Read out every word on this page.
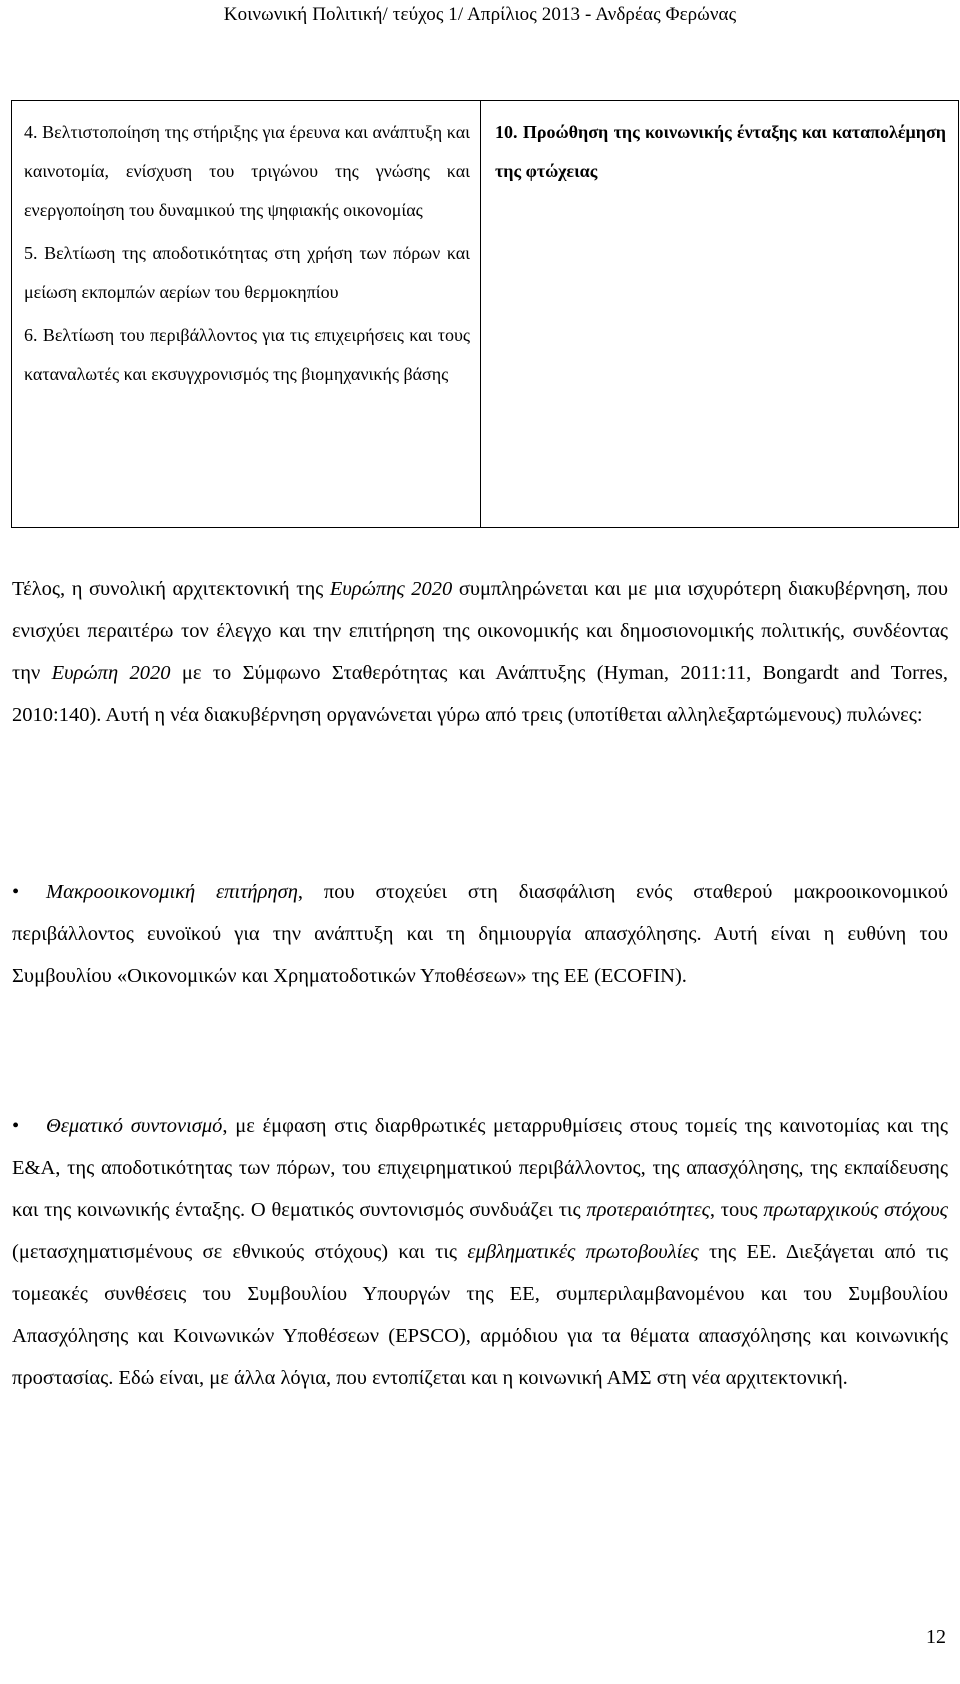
Κοινωνική Πολιτική/ τεύχος 1/ Απρίλιος 2013 - Ανδρέας Φερώνας

4. Βελτιστοποίηση της στήριξης για έρευνα και ανάπτυξη και καινοτομία, ενίσχυση του τριγώνου της γνώσης και ενεργοποίηση του δυναμικού της ψηφιακής οικονομίας

5. Βελτίωση της αποδοτικότητας στη χρήση των πόρων και μείωση εκπομπών αερίων του θερμοκηπίου

6. Βελτίωση του περιβάλλοντος για τις επιχειρήσεις και τους καταναλωτές και εκσυγχρονισμός της βιομηχανικής βάσης

10. Προώθηση της κοινωνικής ένταξης και καταπολέμηση της φτώχειας

Τέλος, η συνολική αρχιτεκτονική της Ευρώπης 2020 συμπληρώνεται και με μια ισχυρότερη διακυβέρνηση, που ενισχύει περαιτέρω τον έλεγχο και την επιτήρηση της οικονομικής και δημοσιονομικής πολιτικής, συνδέοντας την Ευρώπη 2020 με το Σύμφωνο Σταθερότητας και Ανάπτυξης (Hyman, 2011:11, Bongardt and Torres, 2010:140). Αυτή η νέα διακυβέρνηση οργανώνεται γύρω από τρεις (υποτίθεται αλληλεξαρτώμενους) πυλώνες:
• Μακροοικονομική επιτήρηση, που στοχεύει στη διασφάλιση ενός σταθερού μακροοικονομικού περιβάλλοντος ευνοϊκού για την ανάπτυξη και τη δημιουργία απασχόλησης. Αυτή είναι η ευθύνη του Συμβουλίου «Οικονομικών και Χρηματοδοτικών Υποθέσεων» της ΕΕ (ECOFIN).
• Θεματικό συντονισμό, με έμφαση στις διαρθρωτικές μεταρρυθμίσεις στους τομείς της καινοτομίας και της Ε&Α, της αποδοτικότητας των πόρων, του επιχειρηματικού περιβάλλοντος, της απασχόλησης, της εκπαίδευσης και της κοινωνικής ένταξης. Ο θεματικός συντονισμός συνδυάζει τις προτεραιότητες, τους πρωταρχικούς στόχους (μετασχηματισμένους σε εθνικούς στόχους) και τις εμβληματικές πρωτοβουλίες της ΕΕ. Διεξάγεται από τις τομεακές συνθέσεις του Συμβουλίου Υπουργών της ΕΕ, συμπεριλαμβανομένου και του Συμβουλίου Απασχόλησης και Κοινωνικών Υποθέσεων (EPSCO), αρμόδιου για τα θέματα απασχόλησης και κοινωνικής προστασίας. Εδώ είναι, με άλλα λόγια, που εντοπίζεται και η κοινωνική ΑΜΣ στη νέα αρχιτεκτονική.
12
